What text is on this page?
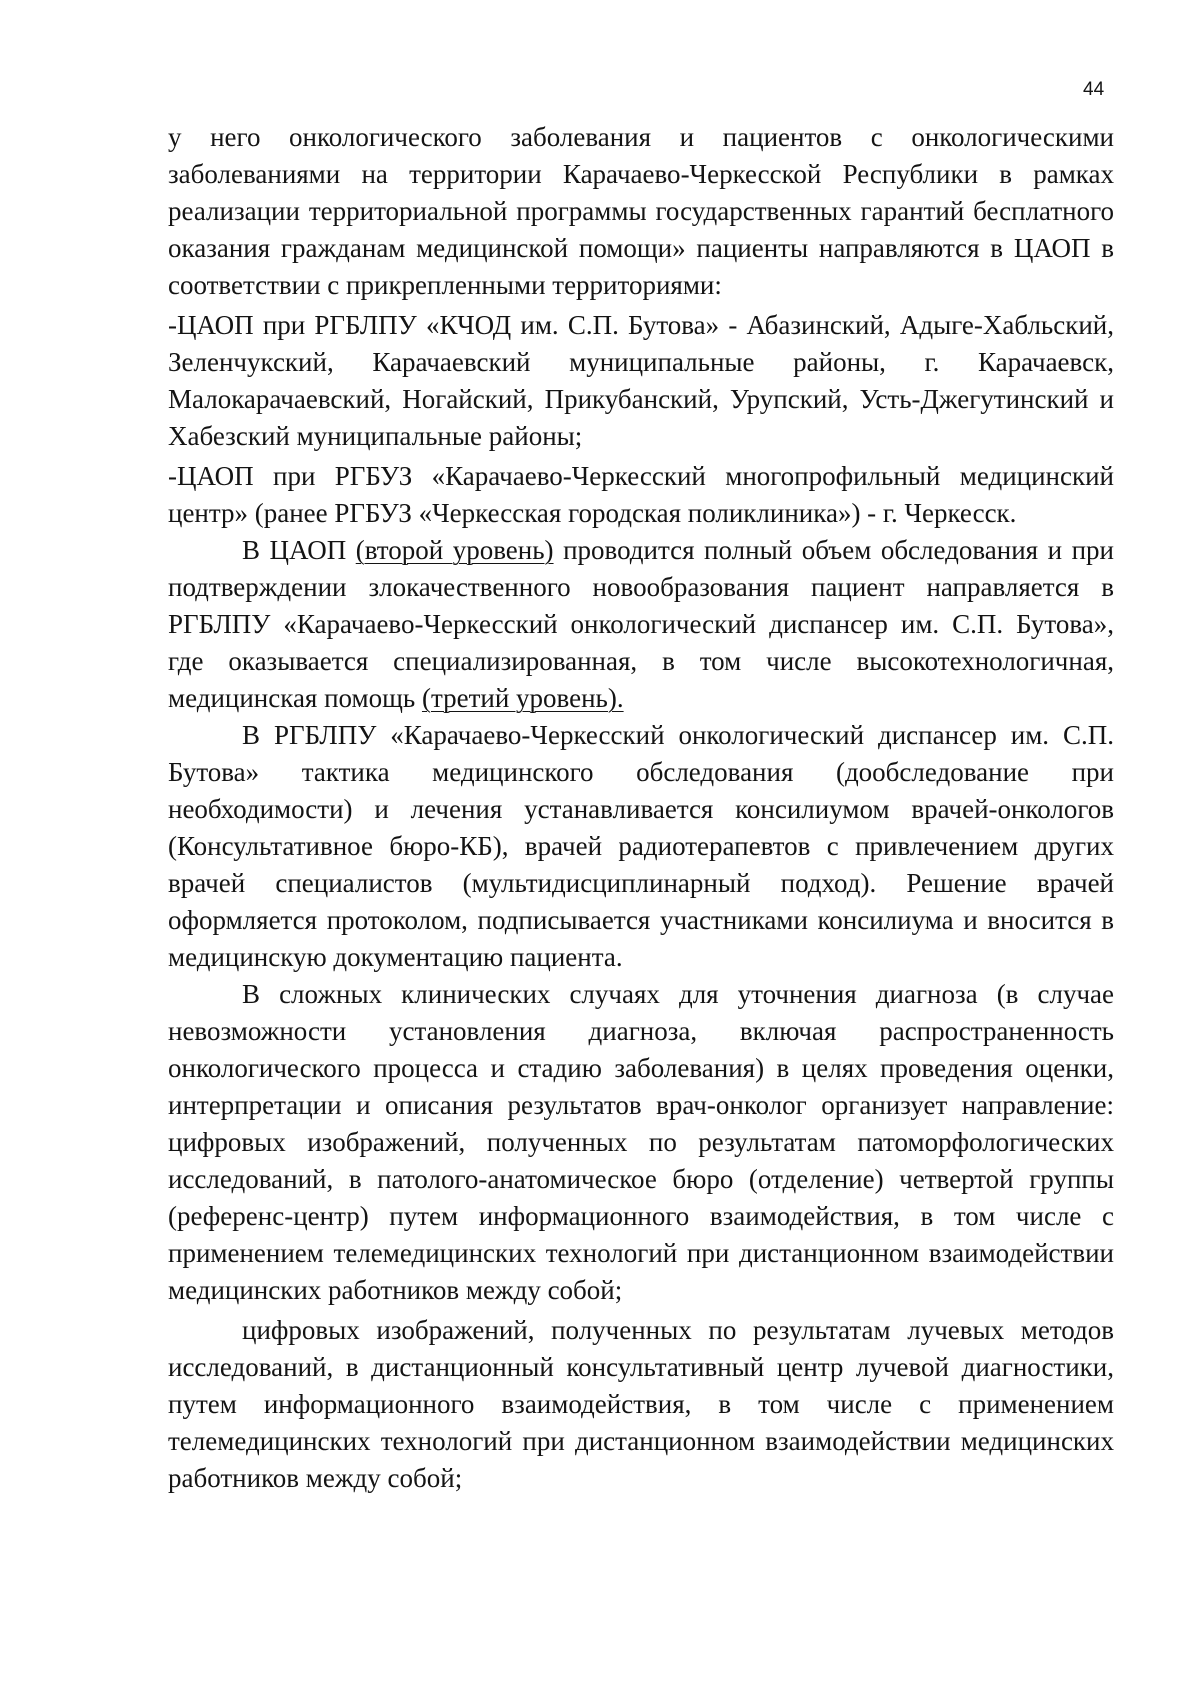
44

у него онкологического заболевания и пациентов с онкологическими заболеваниями на территории Карачаево-Черкесской Республики в рамках реализации территориальной программы государственных гарантий бесплатного оказания гражданам медицинской помощи» пациенты направляются в ЦАОП в соответствии с прикрепленными территориями:

-ЦАОП при РГБЛПУ «КЧОД им. С.П. Бутова» - Абазинский, Адыге-Хабльский, Зеленчукский, Карачаевский муниципальные районы, г. Карачаевск, Малокарачаевский, Ногайский, Прикубанский, Урупский, Усть-Джегутинский и Хабезский муниципальные районы;

-ЦАОП при РГБУЗ «Карачаево-Черкесский многопрофильный медицинский центр» (ранее РГБУЗ «Черкесская городская поликлиника») - г. Черкесск.

В ЦАОП (второй уровень) проводится полный объем обследования и при подтверждении злокачественного новообразования пациент направляется в РГБЛПУ «Карачаево-Черкесский онкологический диспансер им. С.П. Бутова», где оказывается специализированная, в том числе высокотехнологичная, медицинская помощь (третий уровень).

В РГБЛПУ «Карачаево-Черкесский онкологический диспансер им. С.П. Бутова» тактика медицинского обследования (дообследование при необходимости) и лечения устанавливается консилиумом врачей-онкологов (Консультативное бюро-КБ), врачей радиотерапевтов с привлечением других врачей специалистов (мультидисциплинарный подход). Решение врачей оформляется протоколом, подписывается участниками консилиума и вносится в медицинскую документацию пациента.

В сложных клинических случаях для уточнения диагноза (в случае невозможности установления диагноза, включая распространенность онкологического процесса и стадию заболевания) в целях проведения оценки, интерпретации и описания результатов врач-онколог организует направление: цифровых изображений, полученных по результатам патоморфологических исследований, в патолого-анатомическое бюро (отделение) четвертой группы (референс-центр) путем информационного взаимодействия, в том числе с применением телемедицинских технологий при дистанционном взаимодействии медицинских работников между собой;

цифровых изображений, полученных по результатам лучевых методов исследований, в дистанционный консультативный центр лучевой диагностики, путем информационного взаимодействия, в том числе с применением телемедицинских технологий при дистанционном взаимодействии медицинских работников между собой;
